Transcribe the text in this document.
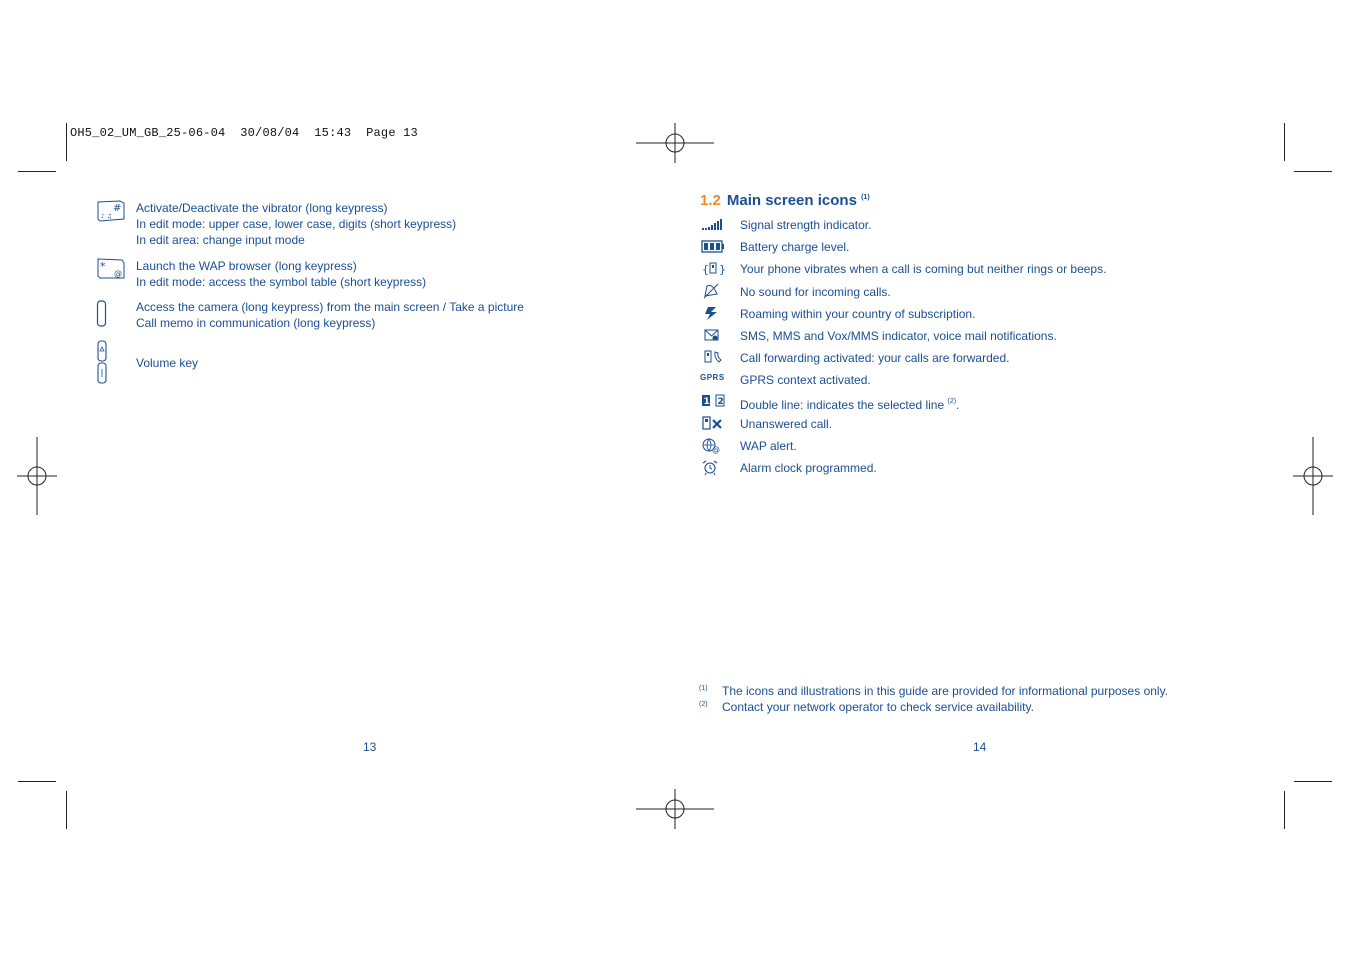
OH5_02_UM_GB_25-06-04 30/08/04 15:43 Page 13
#
♪ ♫
Activate/Deactivate the vibrator (long keypress)
In edit mode: upper case, lower case, digits (short keypress)
In edit area: change input mode
*
@
Launch the WAP browser (long keypress)
In edit mode: access the symbol table (short keypress)
Access the camera (long keypress) from the main screen / Take a picture
Call memo in communication (long keypress)
Volume key
13
1.2 Main screen icons $^{(1)}$
Signal strength indicator.
Battery charge level.
{ } Your phone vibrates when a call is coming but neither rings or beeps.
No sound for incoming calls.
Roaming within your country of subscription.
SMS, MMS and Vox/MMS indicator, voice mail notifications.
Call forwarding activated: your calls are forwarded.
GPRS GPRS context activated.
1 2 Double line: indicates the selected line $^{(2)}$.
Unanswered call.
@ WAP alert.
Alarm clock programmed.
(1) The icons and illustrations in this guide are provided for informational purposes only.
(2) Contact your network operator to check service availability.
14
